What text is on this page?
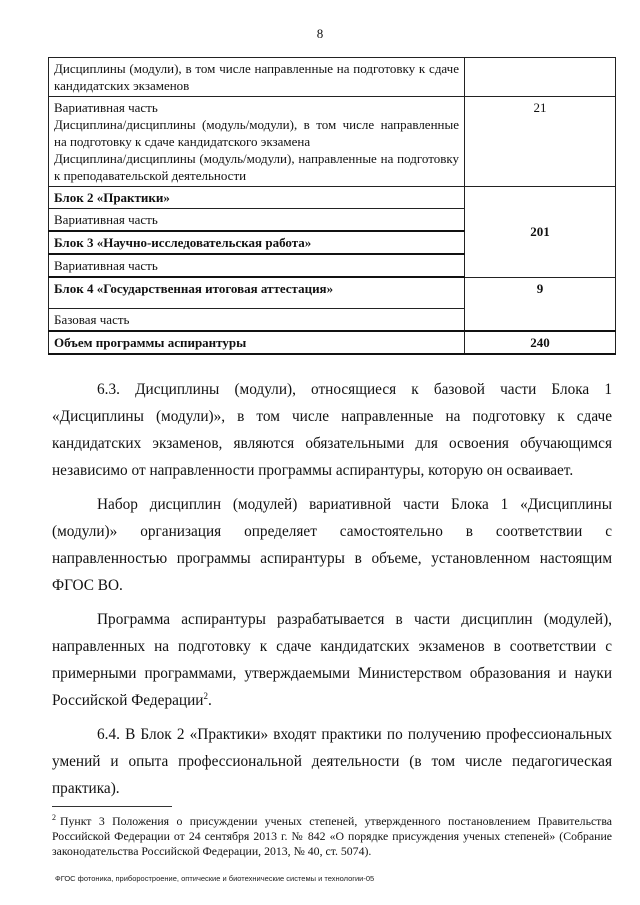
8
Дисциплины (модули), в том числе направленные на подготовку к сдаче кандидатских экзаменов	

Вариативная часть
Дисциплина/дисциплины (модуль/модули), в том числе направленные на подготовку к сдаче кандидатского экзамена
Дисциплина/дисциплины (модуль/модули), направленные на подготовку к преподавательской деятельности	21
Блок 2 «Практики»	201
Вариативная часть	
Блок 3 «Научно-исследовательская работа»	
Вариативная часть	
Блок 4 «Государственная итоговая аттестация»	9
Базовая часть	
Объем программы аспирантуры	240

6.3. Дисциплины (модули), относящиеся к базовой части Блока 1 «Дисциплины (модули)», в том числе направленные на подготовку к сдаче кандидатских экзаменов, являются обязательными для освоения обучающимся независимо от направленности программы аспирантуры, которую он осваивает.

Набор дисциплин (модулей) вариативной части Блока 1 «Дисциплины (модули)» организация определяет самостоятельно в соответствии с направленностью программы аспирантуры в объеме, установленном настоящим ФГОС ВО.

Программа аспирантуры разрабатывается в части дисциплин (модулей), направленных на подготовку к сдаче кандидатских экзаменов в соответствии с примерными программами, утверждаемыми Министерством образования и науки Российской Федерации$^2$.

6.4. В Блок 2 «Практики» входят практики по получению профессиональных умений и опыта профессиональной деятельности (в том числе педагогическая практика).

$^2$ Пункт 3 Положения о присуждении ученых степеней, утвержденного постановлением Правительства Российской Федерации от 24 сентября 2013 г. № 842 «О порядке присуждения ученых степеней» (Собрание законодательства Российской Федерации, 2013, № 40, ст. 5074).
ФГОС фотоника, приборостроение, оптические и биотехнические системы и технологии-05
